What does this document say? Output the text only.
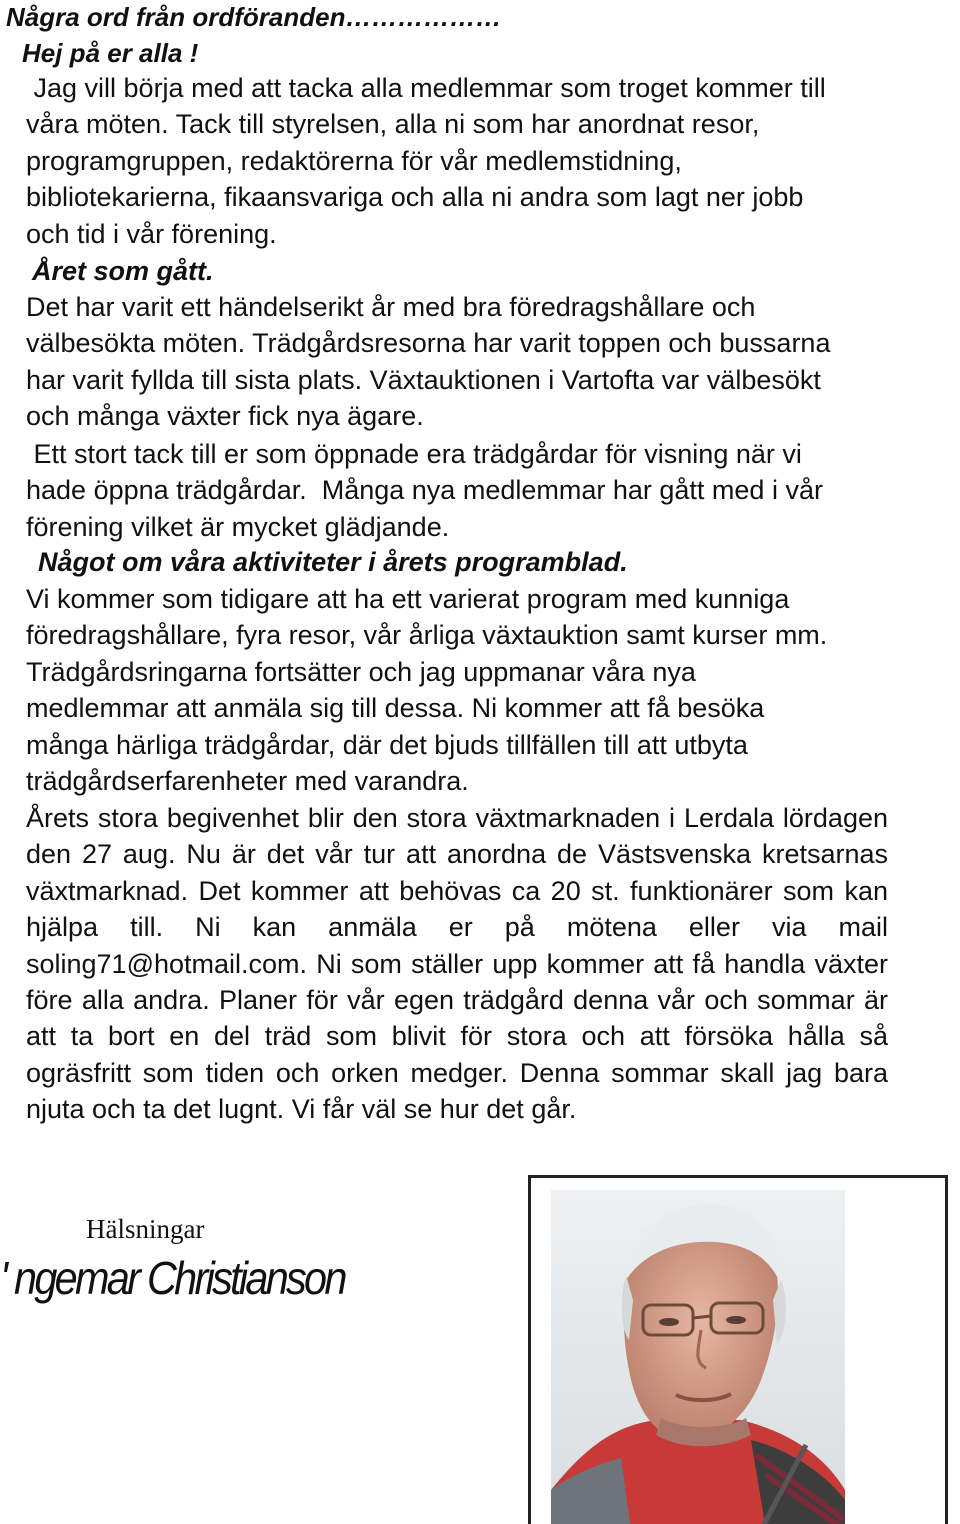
Några ord från ordföranden………………
Hej på er alla !
Jag vill börja med att tacka alla medlemmar som troget kommer till
våra möten. Tack till styrelsen, alla ni som har anordnat resor,
programgruppen, redaktörerna för vår medlemstidning,
bibliotekarierna, fikaansvariga och alla ni andra som lagt ner jobb
och tid i vår förening.
Året som gått.
Det har varit ett händelserikt år med bra föredragshållare och
välbesökta möten. Trädgårdsresorna har varit toppen och bussarna
har varit fyllda till sista plats. Växtauktionen i Vartofta var välbesökt
och många växter fick nya ägare.
Ett stort tack till er som öppnade era trädgårdar för visning när vi
hade öppna trädgårdar.  Många nya medlemmar har gått med i vår
förening vilket är mycket glädjande.
Något om våra aktiviteter i årets programblad.
Vi kommer som tidigare att ha ett varierat program med kunniga
föredragshållare, fyra resor, vår årliga växtauktion samt kurser mm.
Trädgårdsringarna fortsätter och jag uppmanar våra nya
medlemmar att anmäla sig till dessa. Ni kommer att få besöka
många härliga trädgårdar, där det bjuds tillfällen till att utbyta
trädgårdserfarenheter med varandra.
Årets stora begivenhet blir den stora växtmarknaden i Lerdala lördagen den 27 aug. Nu är det vår tur att anordna de Västsvenska kretsarnas växtmarknad. Det kommer att behövas ca 20 st. funktionärer som kan hjälpa till. Ni kan anmäla er på mötena eller via mail soling71@hotmail.com. Ni som ställer upp kommer att få handla växter före alla andra. Planer för vår egen trädgård denna vår och sommar är att ta bort en del träd som blivit för stora och att försöka hålla så ogräsfritt som tiden och orken medger. Denna sommar skall jag bara njuta och ta det lugnt. Vi får väl se hur det går.
Hälsningar
' ngemar Christianson
